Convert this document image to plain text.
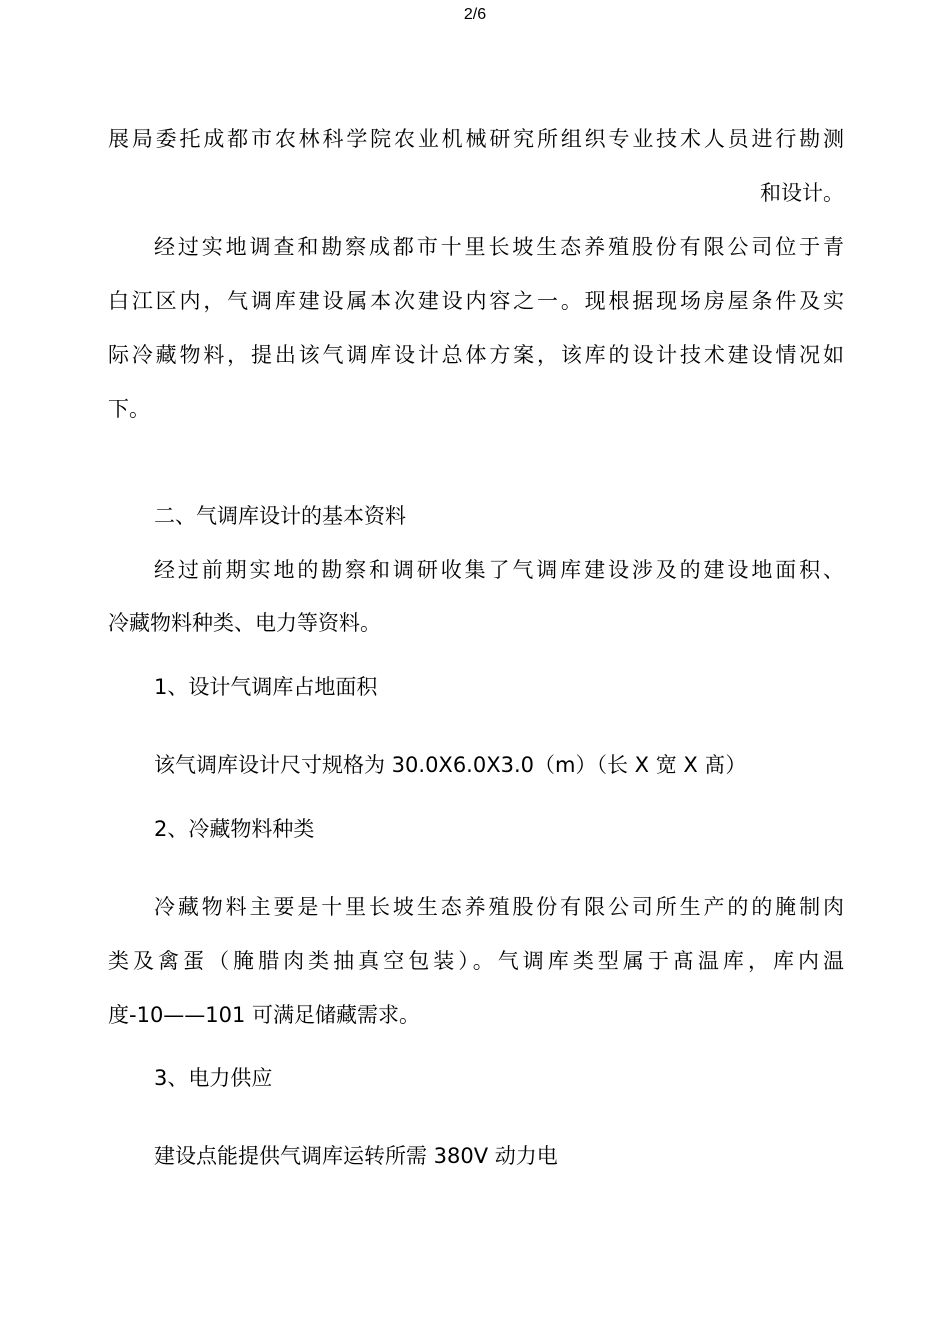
2/6
展局委托成都市农林科学院农业机械研究所组织专业技术人员进行勘测
和设计。
经过实地调查和勘察成都市十里长坡生态养殖股份有限公司位于青
白江区内，气调库建设属本次建设内容之一。现根据现场房屋条件及实
际冷藏物料，提出该气调库设计总体方案，该库的设计技术建设情况如
下。
二、气调库设计的基本资料
经过前期实地的勘察和调研收集了气调库建设涉及的建设地面积、
冷藏物料种类、电力等资料。
1、设计气调库占地面积
该气调库设计尺寸规格为 30.0X6.0X3.0（m）（长 X 宽 X 髙）
2、冷藏物料种类
冷藏物料主要是十里长坡生态养殖股份有限公司所生产的的腌制肉
类及禽蛋（腌腊肉类抽真空包装）。气调库类型属于髙温库，库内温
度-10——101 可满足储藏需求。
3、电力供应
建设点能提供气调库运转所需 380V 动力电
